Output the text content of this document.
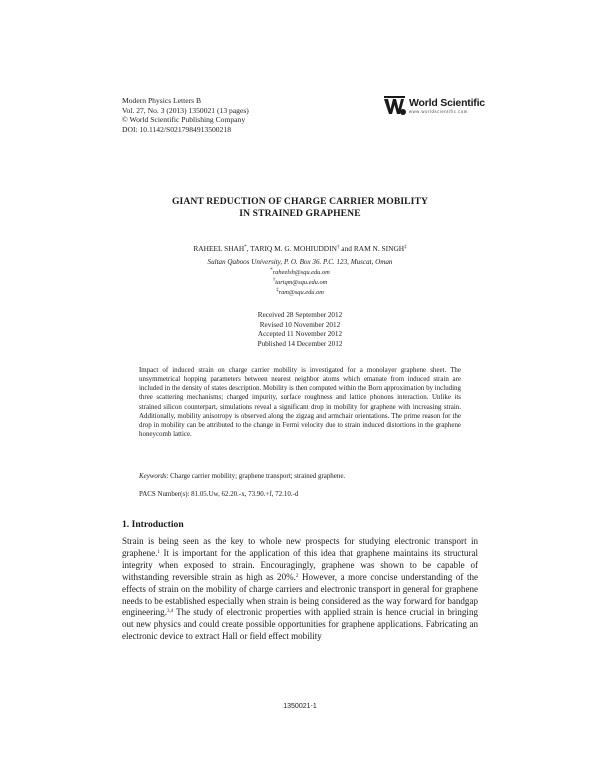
Modern Physics Letters B
Vol. 27, No. 3 (2013) 1350021 (13 pages)
© World Scientific Publishing Company
DOI: 10.1142/S0217984913500218
World Scientific
www.worldscientific.com
GIANT REDUCTION OF CHARGE CARRIER MOBILITY
IN STRAINED GRAPHENE
RAHEEL SHAH*, TARIQ M. G. MOHIUDDIN† and RAM N. SINGH‡
Sultan Qaboos University, P. O. Box 36. P.C. 123, Muscat, Oman
*raheelsh@squ.edu.om
†tariqm@squ.edu.om
‡ram@squ.edu.om
Received 28 September 2012
Revised 10 November 2012
Accepted 11 November 2012
Published 14 December 2012
Impact of induced strain on charge carrier mobility is investigated for a monolayer graphene sheet. The unsymmetrical hopping parameters between nearest neighbor atoms which emanate from induced strain are included in the density of states description. Mobility is then computed within the Born approximation by including three scattering mechanisms; charged impurity, surface roughness and lattice phonons interaction. Unlike its strained silicon counterpart, simulations reveal a significant drop in mobility for graphene with increasing strain. Additionally, mobility anisotropy is observed along the zigzag and armchair orientations. The prime reason for the drop in mobility can be attributed to the change in Fermi velocity due to strain induced distortions in the graphene honeycomb lattice.
Keywords: Charge carrier mobility; graphene transport; strained graphene.
PACS Number(s): 81.05.Uw, 62.20.-x, 73.90.+f, 72.10.-d
1. Introduction
Strain is being seen as the key to whole new prospects for studying electronic transport in graphene.$^1$ It is important for the application of this idea that graphene maintains its structural integrity when exposed to strain. Encouragingly, graphene was shown to be capable of withstanding reversible strain as high as 20%.$^2$ However, a more concise understanding of the effects of strain on the mobility of charge carriers and electronic transport in general for graphene needs to be established especially when strain is being considered as the way forward for bandgap engineering.$^{3,4}$ The study of electronic properties with applied strain is hence crucial in bringing out new physics and could create possible opportunities for graphene applications. Fabricating an electronic device to extract Hall or field effect mobility
1350021-1
